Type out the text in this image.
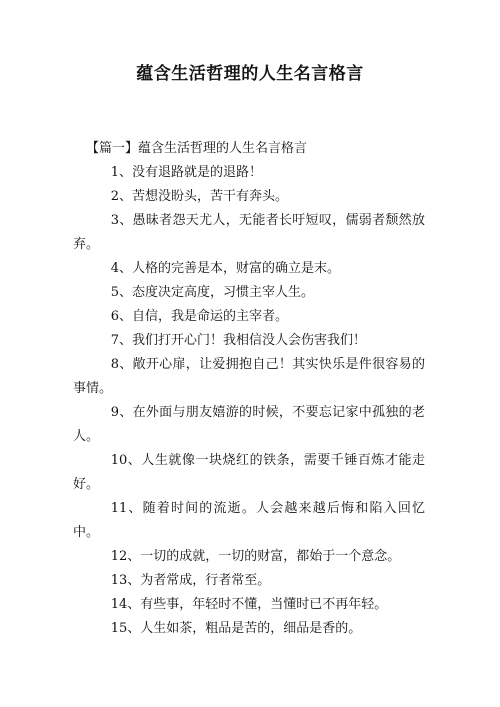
蕴含生活哲理的人生名言格言

【篇一】蕴含生活哲理的人生名言格言

1、没有退路就是的退路！
2、苦想没盼头，苦干有奔头。
3、愚昧者怨天尤人，无能者长吁短叹，儒弱者颓然放弃。
4、人格的完善是本，财富的确立是末。
5、态度决定高度，习惯主宰人生。
6、自信，我是命运的主宰者。
7、我们打开心门！我相信没人会伤害我们！
8、敞开心扉，让爱拥抱自己！其实快乐是件很容易的事情。
9、在外面与朋友嬉游的时候，不要忘记家中孤独的老人。
10、人生就像一块烧红的铁条，需要千锤百炼才能走好。
11、随着时间的流逝。人会越来越后悔和陷入回忆中。
12、一切的成就，一切的财富，都始于一个意念。
13、为者常成，行者常至。
14、有些事，年轻时不懂，当懂时已不再年轻。
15、人生如茶，粗品是苦的，细品是香的。
